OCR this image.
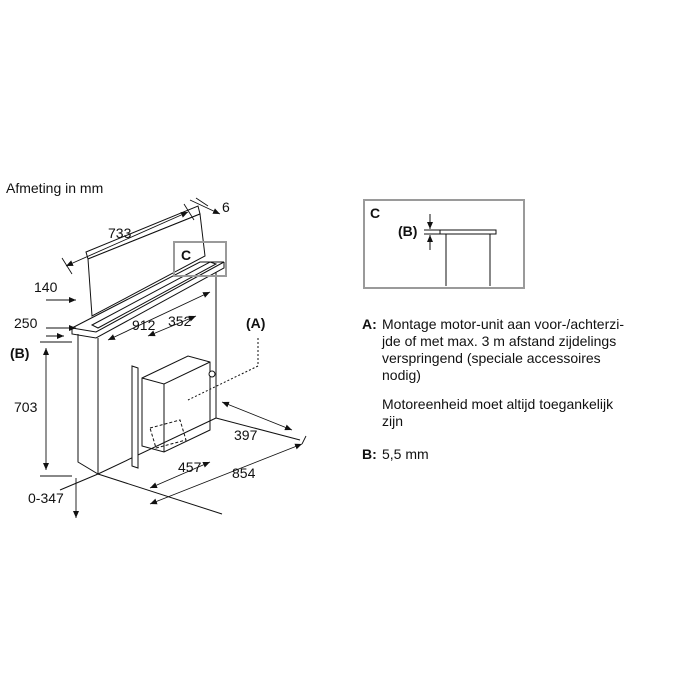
Afmeting in mm
C
6
733
140
250
(B)
703
0-347
912 352	(A)
397
457 854
C
(B)
A: Montage motor-unit aan voor-/achterzi-
jde of met max. 3 m afstand zijdelings
verspringend (speciale accessoires
nodig)
Motoreenheid moet altijd toegankelijk
zijn
B: 5,5 mm
